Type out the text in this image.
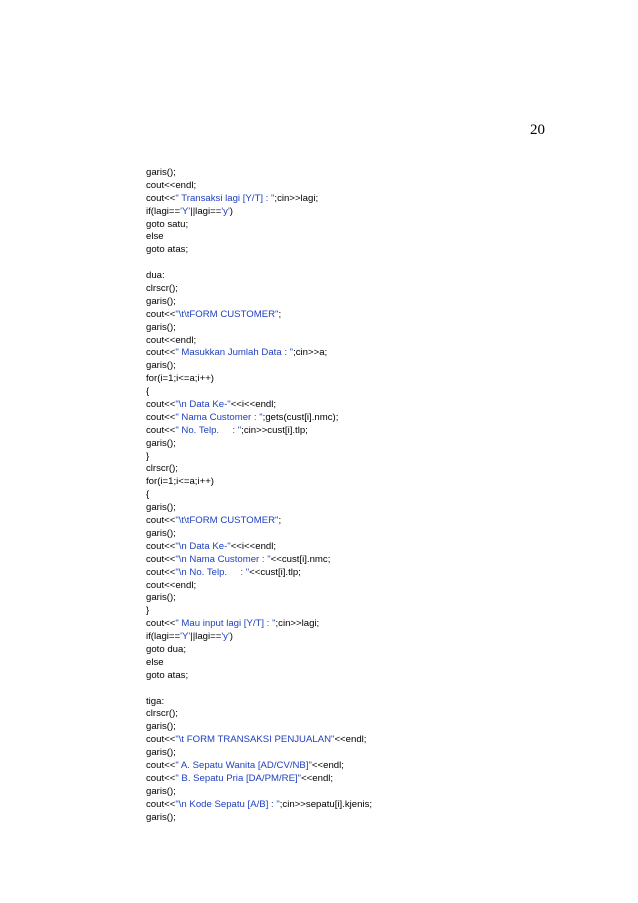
20
garis();
cout<<endl;
cout<<" Transaksi lagi [Y/T] : ";cin>>lagi;
if(lagi=='Y'||lagi=='y')
goto satu;
else
goto atas;
dua:
clrscr();
garis();
cout<<"\t\tFORM CUSTOMER";
garis();
cout<<endl;
cout<<" Masukkan Jumlah Data : ";cin>>a;
garis();
for(i=1;i<=a;i++)
{
cout<<"\n Data Ke-"<<i<<endl;
cout<<" Nama Customer : ";gets(cust[i].nmc);
cout<<" No. Telp.     : ";cin>>cust[i].tlp;
garis();
}
clrscr();
for(i=1;i<=a;i++)
{
garis();
cout<<"\t\tFORM CUSTOMER";
garis();
cout<<"\n Data Ke-"<<i<<endl;
cout<<"\n Nama Customer : "<<cust[i].nmc;
cout<<"\n No. Telp.     : "<<cust[i].tlp;
cout<<endl;
garis();
}
cout<<" Mau input lagi [Y/T] : ";cin>>lagi;
if(lagi=='Y'||lagi=='y')
goto dua;
else
goto atas;
tiga:
clrscr();
garis();
cout<<"\t FORM TRANSAKSI PENJUALAN"<<endl;
garis();
cout<<" A. Sepatu Wanita [AD/CV/NB]"<<endl;
cout<<" B. Sepatu Pria [DA/PM/RE]"<<endl;
garis();
cout<<"\n Kode Sepatu [A/B] : ";cin>>sepatu[i].kjenis;
garis();
